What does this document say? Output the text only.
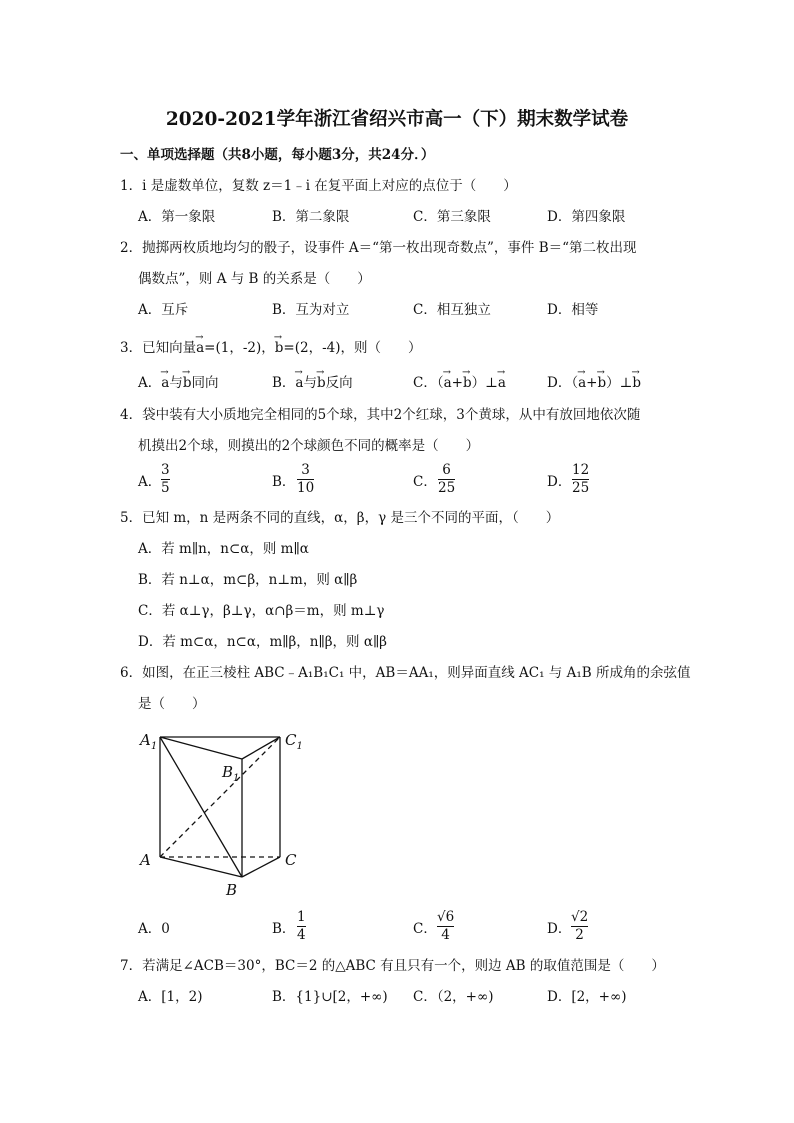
2020-2021学年浙江省绍兴市高一（下）期末数学试卷
一、单项选择题（共8小题，每小题3分，共24分．）
1．i 是虚数单位，复数 z＝1﹣i 在复平面上对应的点位于（　　）
A．第一象限	B．第二象限	C．第三象限	D．第四象限
2．抛掷两枚质地均匀的骰子，设事件 A＝“第一枚出现奇数点”，事件 B＝“第二枚出现
偶数点”，则 A 与 B 的关系是（　　）
A．互斥	B．互为对立	C．相互独立	D．相等
3．已知向量→ a=(1，-2)，→ b=(2，-4)，则（　　）
A．→ a与→ b同向	B．→ a与→ b反向	C．（→ a+→ b）⊥→ a	D．（→ a+→ b）⊥→ b
4．袋中装有大小质地完全相同的5个球，其中2个红球，3个黄球，从中有放回地依次随
机摸出2个球，则摸出的2个球颜色不同的概率是（　　）
A．
3
5	B．
3
10	C．
6
25	D．
12
25
5．已知 m，n 是两条不同的直线，α，β，γ 是三个不同的平面，（　　）
A．若 m∥n，n⊂α，则 m∥α
B．若 n⊥α，m⊂β，n⊥m，则 α∥β
C．若 α⊥γ，β⊥γ，α∩β＝m，则 m⊥γ
D．若 m⊂α，n⊂α，m∥β，n∥β，则 α∥β
6．如图，在正三棱柱 ABC﹣A₁B₁C₁ 中，AB＝AA₁，则异面直线 AC₁ 与 A₁B 所成角的余弦值
是（　　）
$A_1$	$C_1$
$B_1$
A	C
B
A．0	B．
1
4	C．
√6
4	D．
√2
2
7．若满足∠ACB＝30°，BC＝2 的△ABC 有且只有一个，则边 AB 的取值范围是（　　）
A．[1，2)	B．{1}∪[2，+∞) C．（2，+∞)	D．[2，+∞)
